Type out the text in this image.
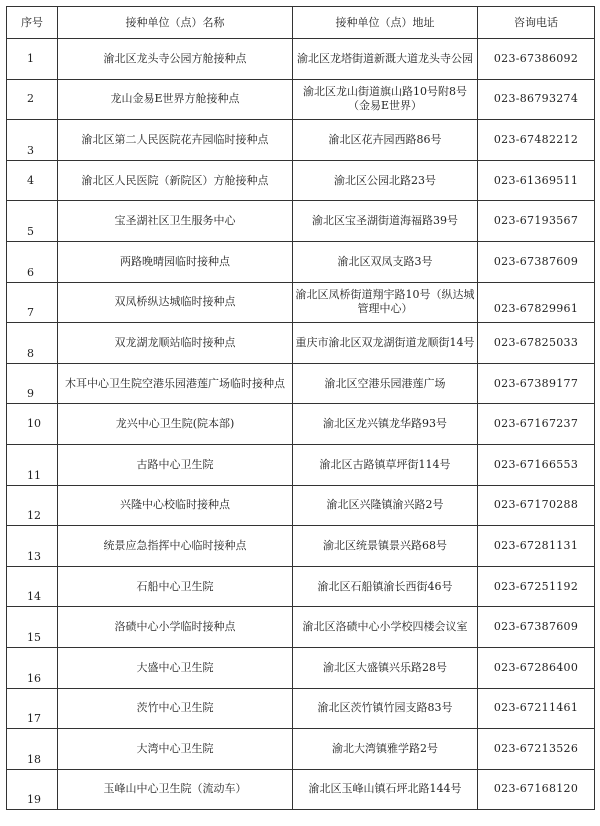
序号	接种单位（点）名称	接种单位（点）地址	咨询电话
1	渝北区龙头寺公园方舱接种点	渝北区龙塔街道新溉大道龙头寺公园	023-67386092
2	龙山金易E世界方舱接种点	渝北区龙山街道旗山路10号附8号（金易E世界）	023-86793274
3	渝北区第二人民医院花卉园临时接种点	渝北区花卉园西路86号	023-67482212
4	渝北区人民医院（新院区）方舱接种点	渝北区公园北路23号	023-61369511
5	宝圣湖社区卫生服务中心	渝北区宝圣湖街道海福路39号	023-67193567
6	两路晚晴园临时接种点	渝北区双凤支路3号	023-67387609
7	双凤桥纵达城临时接种点	渝北区凤桥街道翔宇路10号（纵达城管理中心）	023-67829961
8	双龙湖龙顺站临时接种点	重庆市渝北区双龙湖街道龙顺街14号	023-67825033
9	木耳中心卫生院空港乐园港莲广场临时接种点	渝北区空港乐园港莲广场	023-67389177
10	龙兴中心卫生院(院本部)	渝北区龙兴镇龙华路93号	023-67167237
11	古路中心卫生院	渝北区古路镇草坪街114号	023-67166553
12	兴隆中心校临时接种点	渝北区兴隆镇渝兴路2号	023-67170288
13	统景应急指挥中心临时接种点	渝北区统景镇景兴路68号	023-67281131
14	石船中心卫生院	渝北区石船镇渝长西街46号	023-67251192
15	洛碛中心小学临时接种点	渝北区洛碛中心小学校四楼会议室	023-67387609
16	大盛中心卫生院	渝北区大盛镇兴乐路28号	023-67286400
17	茨竹中心卫生院	渝北区茨竹镇竹园支路83号	023-67211461
18	大湾中心卫生院	渝北大湾镇雅学路2号	023-67213526
19	玉峰山中心卫生院（流动车）	渝北区玉峰山镇石坪北路144号	023-67168120
